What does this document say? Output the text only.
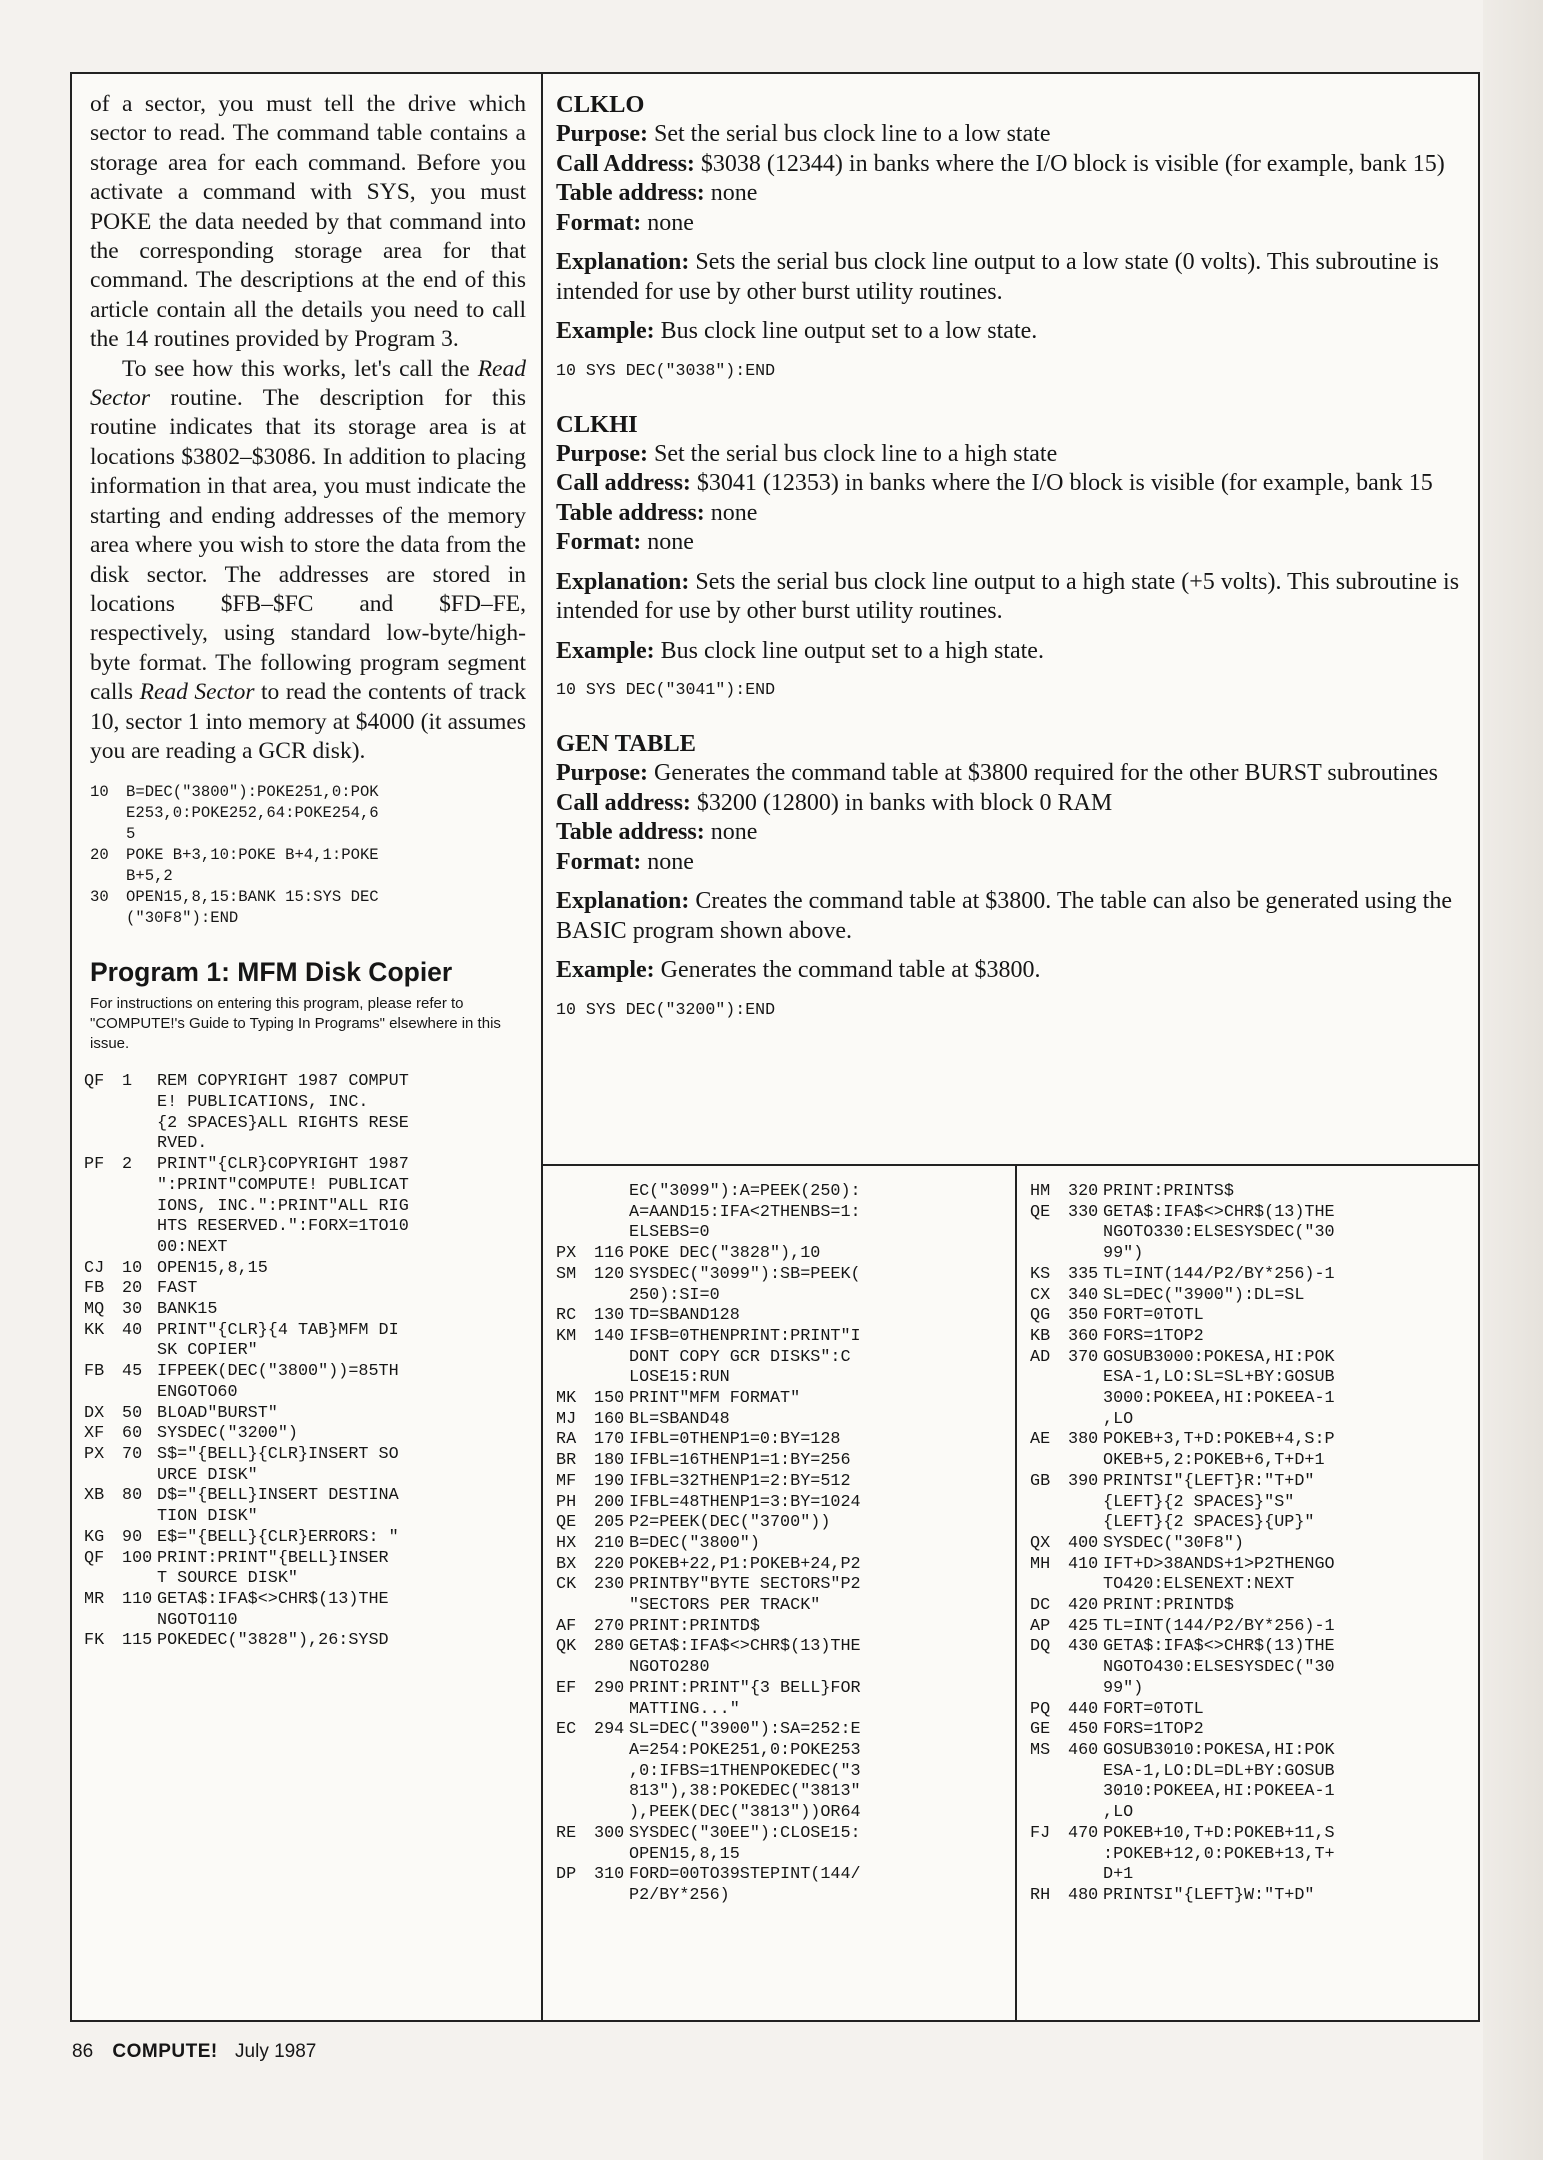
of a sector, you must tell the drive which sector to read. The command table contains a storage area for each command. Before you activate a command with SYS, you must POKE the data needed by that command into the corresponding storage area for that command. The descriptions at the end of this article contain all the details you need to call the 14 routines provided by Program 3.

To see how this works, let's call the Read Sector routine. The description for this routine indicates that its storage area is at locations $3802–$3086. In addition to placing information in that area, you must indicate the starting and ending addresses of the memory area where you wish to store the data from the disk sector. The addresses are stored in locations $FB–$FC and $FD–FE, respectively, using standard low-byte/high-byte format. The following program segment calls Read Sector to read the contents of track 10, sector 1 into memory at $4000 (it assumes you are reading a GCR disk).

10	B=DEC("3800"):POKE251,0:POK
E253,0:POKE252,64:POKE254,6
5
20	POKE B+3,10:POKE B+4,1:POKE
B+5,2
30	OPEN15,8,15:BANK 15:SYS DEC
("30F8"):END
Program 1: MFM Disk Copier
For instructions on entering this program, please refer to "COMPUTE!'s Guide to Typing In Programs" elsewhere in this issue.
QF	1	REM COPYRIGHT 1987 COMPUT
E! PUBLICATIONS, INC.
{2 SPACES}ALL RIGHTS RESE
RVED.
PF	2	PRINT"{CLR}COPYRIGHT 1987
":PRINT"COMPUTE! PUBLICAT
IONS, INC.":PRINT"ALL RIG
HTS RESERVED.":FORX=1TO10
00:NEXT
CJ	10 OPEN15,8,15
FB	20 FAST
MQ	30 BANK15
KK	40 PRINT"{CLR}{4 TAB}MFM DI
SK COPIER"
FB	45 IFPEEK(DEC("3800"))=85TH
ENGOTO60
DX	50 BLOAD"BURST"
XF	60 SYSDEC("3200")
PX	70 S$="{BELL}{CLR}INSERT SO
URCE DISK"
XB	80 D$="{BELL}INSERT DESTINA
TION DISK"
KG	90 E$="{BELL}{CLR}ERRORS: "
QF	100 PRINT:PRINT"{BELL}INSER
T SOURCE DISK"
MR	110 GETA$:IFA$<>CHR$(13)THE
NGOTO110
FK	115 POKEDEC("3828"),26:SYSD
CLKLO

Purpose: Set the serial bus clock line to a low state

Call Address: $3038 (12344) in banks where the I/O block is visible (for example, bank 15)

Table address: none

Format: none

Explanation: Sets the serial bus clock line output to a low state (0 volts). This subroutine is intended for use by other burst utility routines.

Example: Bus clock line output set to a low state.

10 SYS DEC("3038"):END
CLKHI

Purpose: Set the serial bus clock line to a high state

Call address: $3041 (12353) in banks where the I/O block is visible (for example, bank 15

Table address: none

Format: none

Explanation: Sets the serial bus clock line output to a high state (+5 volts). This subroutine is intended for use by other burst utility routines.

Example: Bus clock line output set to a high state.

10 SYS DEC("3041"):END
GEN TABLE

Purpose: Generates the command table at $3800 required for the other BURST subroutines

Call address: $3200 (12800) in banks with block 0 RAM

Table address: none

Format: none

Explanation: Creates the command table at $3800. The table can also be generated using the BASIC program shown above.

Example: Generates the command table at $3800.

10 SYS DEC("3200"):END
EC("3099"):A=PEEK(250):
A=AAND15:IFA<2THENBS=1:
ELSEBS=0
PX	116 POKE DEC("3828"),10
SM	120 SYSDEC("3099"):SB=PEEK(
250):SI=0
RC	130 TD=SBAND128
KM	140 IFSB=0THENPRINT:PRINT"I
DONT COPY GCR DISKS":C
LOSE15:RUN
MK	150 PRINT"MFM FORMAT"
MJ	160 BL=SBAND48
RA	170 IFBL=0THENP1=0:BY=128
BR	180 IFBL=16THENP1=1:BY=256
MF	190 IFBL=32THENP1=2:BY=512
PH	200 IFBL=48THENP1=3:BY=1024
QE	205 P2=PEEK(DEC("3700"))
HX	210 B=DEC("3800")
BX	220 POKEB+22,P1:POKEB+24,P2
CK	230 PRINTBY"BYTE SECTORS"P2
"SECTORS PER TRACK"
AF	270 PRINT:PRINTD$
QK	280 GETA$:IFA$<>CHR$(13)THE
NGOTO280
EF	290 PRINT:PRINT"{3 BELL}FOR
MATTING..."
EC	294 SL=DEC("3900"):SA=252:E
A=254:POKE251,0:POKE253
,0:IFBS=1THENPOKEDEC("3
813"),38:POKEDEC("3813"
),PEEK(DEC("3813"))OR64
RE	300 SYSDEC("30EE"):CLOSE15:
OPEN15,8,15
DP	310 FORD=00TO39STEPINT(144/
P2/BY*256)
HM	320 PRINT:PRINTS$
QE	330 GETA$:IFA$<>CHR$(13)THE
NGOTO330:ELSESYSDEC("30
99")
KS	335 TL=INT(144/P2/BY*256)-1
CX	340 SL=DEC("3900"):DL=SL
QG	350 FORT=0TOTL
KB	360 FORS=1TOP2
AD	370 GOSUB3000:POKESA,HI:POK
ESA-1,LO:SL=SL+BY:GOSUB
3000:POKEEA,HI:POKEEA-1
,LO
AE	380 POKEB+3,T+D:POKEB+4,S:P
OKEB+5,2:POKEB+6,T+D+1
GB	390 PRINTSI"{LEFT}R:"T+D"
{LEFT}{2 SPACES}"S"
{LEFT}{2 SPACES}{UP}"
QX	400 SYSDEC("30F8")
MH	410 IFT+D>38ANDS+1>P2THENGO
TO420:ELSENEXT:NEXT
DC	420 PRINT:PRINTD$
AP	425 TL=INT(144/P2/BY*256)-1
DQ	430 GETA$:IFA$<>CHR$(13)THE
NGOTO430:ELSESYSDEC("30
99")
PQ	440 FORT=0TOTL
GE	450 FORS=1TOP2
MS	460 GOSUB3010:POKESA,HI:POK
ESA-1,LO:DL=DL+BY:GOSUB
3010:POKEEA,HI:POKEEA-1
,LO
FJ	470 POKEB+10,T+D:POKEB+11,S
:POKEB+12,0:POKEB+13,T+
D+1
RH	480 PRINTSI"{LEFT}W:"T+D"
86 COMPUTE! July 1987
